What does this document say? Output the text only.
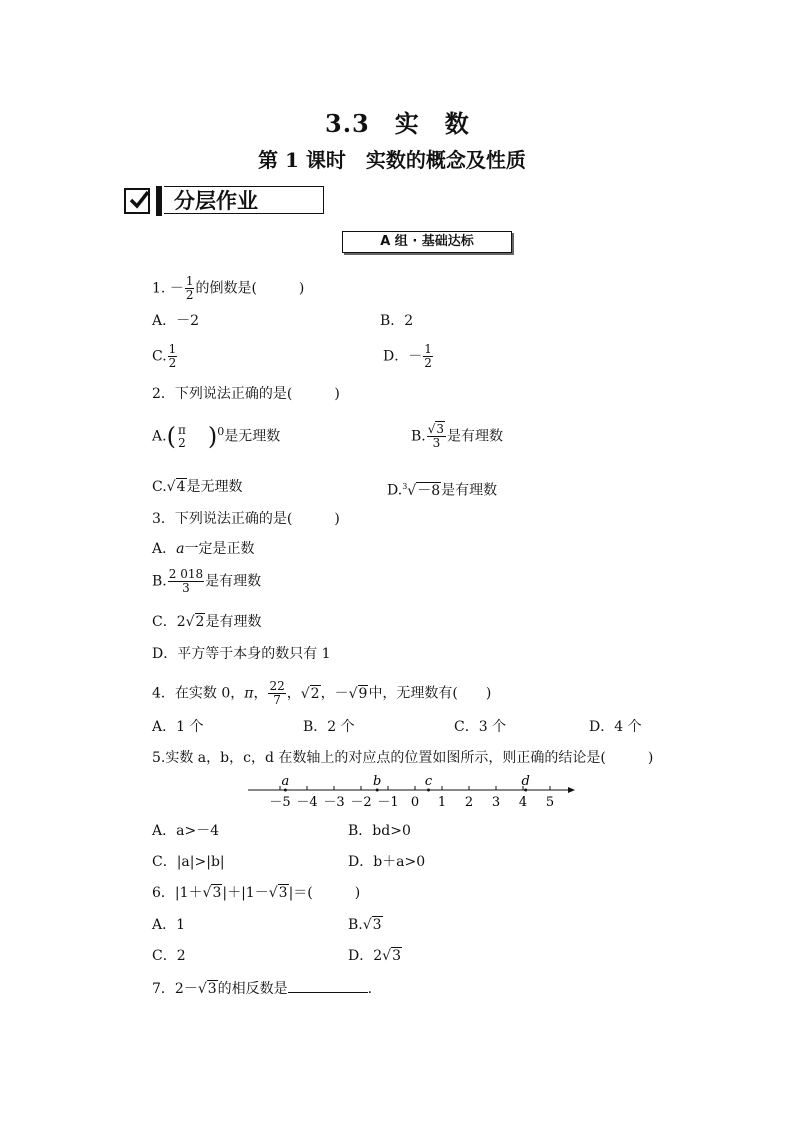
3.3　实　数
第 1 课时　实数的概念及性质
分层作业
A 组 · 基础达标
1. － $\frac{1}{2}$ 的倒数是(　　　)
A．－2	B．2
C. $\frac{1}{2}$	D．－ $\frac{1}{2}$
2．下列说法正确的是(　　　)
A.( π
2 )$^0$是无理数	B. $\frac{√3}{3}$ 是有理数
C.√4是无理数	D.$^3$√－8是有理数
3．下列说法正确的是(　　　)
A．a一定是正数
B. $\frac{2 018}{3}$ 是有理数
C．2√2是有理数
D．平方等于本身的数只有 1
4．在实数 0，π， $\frac{22}{7}$ ，√2，－√9中，无理数有(　　)
A．1 个	B．2 个	C．3 个	D．4 个
5.实数 a，b，c，d 在数轴上的对应点的位置如图所示，则正确的结论是(　　　)
－5 －4 －3 －2 －1 0 1 2 3 4 5
a	b	c	d
A．a>－4	B．bd>0
C．|a|>|b|	D．b＋a>0
6．|1＋√3|＋|1－√3|＝(　　　)
A．1	B.√3
C．2	D．2√3
7．2－√3的相反数是	.
